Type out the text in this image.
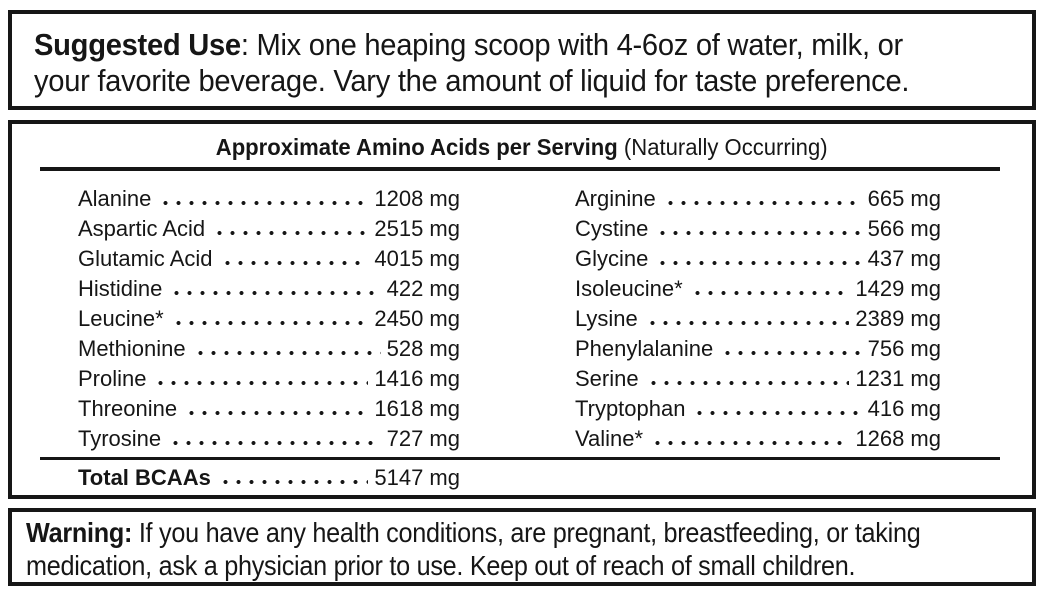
Suggested Use: Mix one heaping scoop with 4-6oz of water, milk, or
your favorite beverage. Vary the amount of liquid for taste preference.
Approximate Amino Acids per Serving (Naturally Occurring)
Alanine	1208 mg
Aspartic Acid	2515 mg
Glutamic Acid	4015 mg
Histidine	422 mg
Leucine*	2450 mg
Methionine	528 mg
Proline	1416 mg
Threonine	1618 mg
Tyrosine	727 mg
Arginine	665 mg
Cystine	566 mg
Glycine	437 mg
Isoleucine*	1429 mg
Lysine	2389 mg
Phenylalanine	756 mg
Serine	1231 mg
Tryptophan	416 mg
Valine*	1268 mg
Total BCAAs	5147 mg
Warning: If you have any health conditions, are pregnant, breastfeeding, or taking
medication, ask a physician prior to use. Keep out of reach of small children.
